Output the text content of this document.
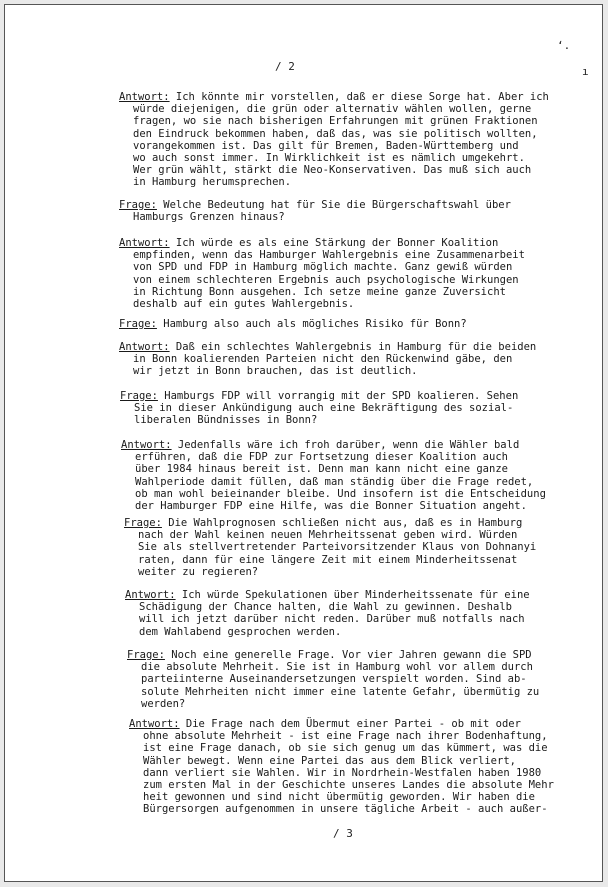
ʻ.
ı
/ 2
Antwort: Ich könnte mir vorstellen, daß er diese Sorge hat. Aber ich
würde diejenigen, die grün oder alternativ wählen wollen, gerne
fragen, wo sie nach bisherigen Erfahrungen mit grünen Fraktionen
den Eindruck bekommen haben, daß das, was sie politisch wollten,
vorangekommen ist. Das gilt für Bremen, Baden-Württemberg und
wo auch sonst immer. In Wirklichkeit ist es nämlich umgekehrt.
Wer grün wählt, stärkt die Neo-Konservativen. Das muß sich auch
in Hamburg herumsprechen.
Frage: Welche Bedeutung hat für Sie die Bürgerschaftswahl über
Hamburgs Grenzen hinaus?
Antwort: Ich würde es als eine Stärkung der Bonner Koalition
empfinden, wenn das Hamburger Wahlergebnis eine Zusammenarbeit
von SPD und FDP in Hamburg möglich machte. Ganz gewiß würden
von einem schlechteren Ergebnis auch psychologische Wirkungen
in Richtung Bonn ausgehen. Ich setze meine ganze Zuversicht
deshalb auf ein gutes Wahlergebnis.
Frage: Hamburg also auch als mögliches Risiko für Bonn?
Antwort: Daß ein schlechtes Wahlergebnis in Hamburg für die beiden
in Bonn koalierenden Parteien nicht den Rückenwind gäbe, den
wir jetzt in Bonn brauchen, das ist deutlich.
Frage: Hamburgs FDP will vorrangig mit der SPD koalieren. Sehen
Sie in dieser Ankündigung auch eine Bekräftigung des sozial-
liberalen Bündnisses in Bonn?
Antwort: Jedenfalls wäre ich froh darüber, wenn die Wähler bald
erführen, daß die FDP zur Fortsetzung dieser Koalition auch
über 1984 hinaus bereit ist. Denn man kann nicht eine ganze
Wahlperiode damit füllen, daß man ständig über die Frage redet,
ob man wohl beieinander bleibe. Und insofern ist die Entscheidung
der Hamburger FDP eine Hilfe, was die Bonner Situation angeht.
Frage: Die Wahlprognosen schließen nicht aus, daß es in Hamburg
nach der Wahl keinen neuen Mehrheitssenat geben wird. Würden
Sie als stellvertretender Parteivorsitzender Klaus von Dohnanyi
raten, dann für eine längere Zeit mit einem Minderheitssenat
weiter zu regieren?
Antwort: Ich würde Spekulationen über Minderheitssenate für eine
Schädigung der Chance halten, die Wahl zu gewinnen. Deshalb
will ich jetzt darüber nicht reden. Darüber muß notfalls nach
dem Wahlabend gesprochen werden.
Frage: Noch eine generelle Frage. Vor vier Jahren gewann die SPD
die absolute Mehrheit. Sie ist in Hamburg wohl vor allem durch
parteiinterne Auseinandersetzungen verspielt worden. Sind ab-
solute Mehrheiten nicht immer eine latente Gefahr, übermütig zu
werden?
Antwort: Die Frage nach dem Übermut einer Partei - ob mit oder
ohne absolute Mehrheit - ist eine Frage nach ihrer Bodenhaftung,
ist eine Frage danach, ob sie sich genug um das kümmert, was die
Wähler bewegt. Wenn eine Partei das aus dem Blick verliert,
dann verliert sie Wahlen. Wir in Nordrhein-Westfalen haben 1980
zum ersten Mal in der Geschichte unseres Landes die absolute Mehr
heit gewonnen und sind nicht übermütig geworden. Wir haben die
Bürgersorgen aufgenommen in unsere tägliche Arbeit - auch außer-
/ 3
